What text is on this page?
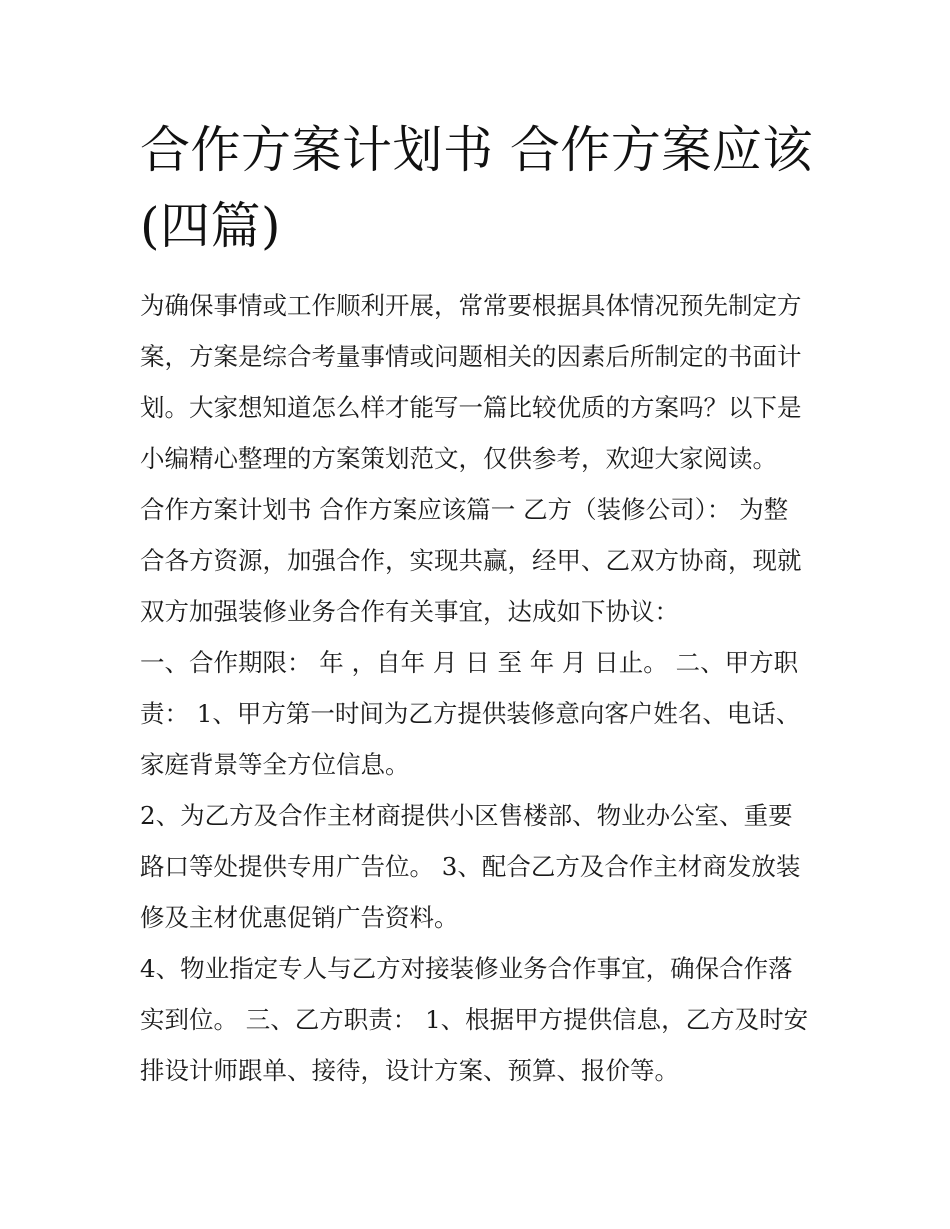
合作方案计划书 合作方案应该
(四篇)
为确保事情或工作顺利开展，常常要根据具体情况预先制定方
案，方案是综合考量事情或问题相关的因素后所制定的书面计
划。大家想知道怎么样才能写一篇比较优质的方案吗？以下是
小编精心整理的方案策划范文，仅供参考，欢迎大家阅读。
合作方案计划书 合作方案应该篇一 乙方（装修公司）： 为整
合各方资源，加强合作，实现共赢，经甲、乙双方协商，现就
双方加强装修业务合作有关事宜，达成如下协议：
一、合作期限： 年 ，自年 月 日 至 年 月 日止。 二、甲方职
责： 1、甲方第一时间为乙方提供装修意向客户姓名、电话、
家庭背景等全方位信息。
2、为乙方及合作主材商提供小区售楼部、物业办公室、重要
路口等处提供专用广告位。 3、配合乙方及合作主材商发放装
修及主材优惠促销广告资料。
4、物业指定专人与乙方对接装修业务合作事宜，确保合作落
实到位。 三、乙方职责： 1、根据甲方提供信息，乙方及时安
排设计师跟单、接待，设计方案、预算、报价等。
